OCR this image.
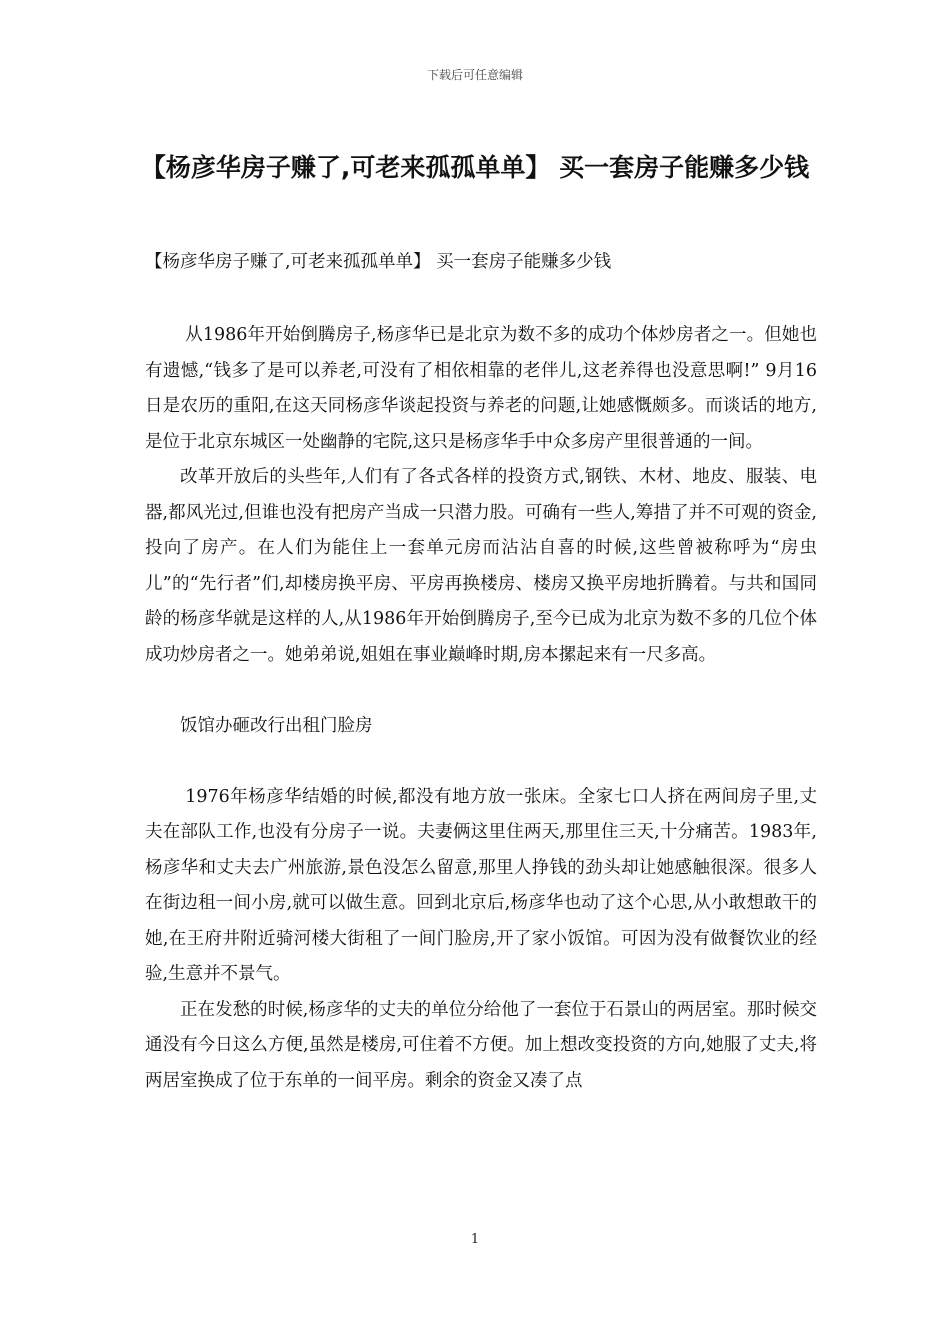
下载后可任意编辑
【杨彦华房子赚了,可老来孤孤单单】 买一套房子能赚多少钱

【杨彦华房子赚了,可老来孤孤单单】 买一套房子能赚多少钱

从1986年开始倒腾房子,杨彦华已是北京为数不多的成功个体炒房者之一。但她也有遗憾,“钱多了是可以养老,可没有了相依相靠的老伴儿,这老养得也没意思啊!” 9月16日是农历的重阳,在这天同杨彦华谈起投资与养老的问题,让她感慨颇多。而谈话的地方,是位于北京东城区一处幽静的宅院,这只是杨彦华手中众多房产里很普通的一间。

改革开放后的头些年,人们有了各式各样的投资方式,钢铁、木材、地皮、服装、电器,都风光过,但谁也没有把房产当成一只潜力股。可确有一些人,筹措了并不可观的资金,投向了房产。在人们为能住上一套单元房而沾沾自喜的时候,这些曾被称呼为“房虫儿”的“先行者”们,却楼房换平房、平房再换楼房、楼房又换平房地折腾着。与共和国同龄的杨彦华就是这样的人,从1986年开始倒腾房子,至今已成为北京为数不多的几位个体成功炒房者之一。她弟弟说,姐姐在事业巅峰时期,房本摞起来有一尺多高。

饭馆办砸改行出租门脸房

1976年杨彦华结婚的时候,都没有地方放一张床。全家七口人挤在两间房子里,丈夫在部队工作,也没有分房子一说。夫妻俩这里住两天,那里住三天,十分痛苦。1983年,杨彦华和丈夫去广州旅游,景色没怎么留意,那里人挣钱的劲头却让她感触很深。很多人在街边租一间小房,就可以做生意。回到北京后,杨彦华也动了这个心思,从小敢想敢干的她,在王府井附近骑河楼大街租了一间门脸房,开了家小饭馆。可因为没有做餐饮业的经验,生意并不景气。

正在发愁的时候,杨彦华的丈夫的单位分给他了一套位于石景山的两居室。那时候交通没有今日这么方便,虽然是楼房,可住着不方便。加上想改变投资的方向,她服了丈夫,将两居室换成了位于东单的一间平房。剩余的资金又凑了点

1
